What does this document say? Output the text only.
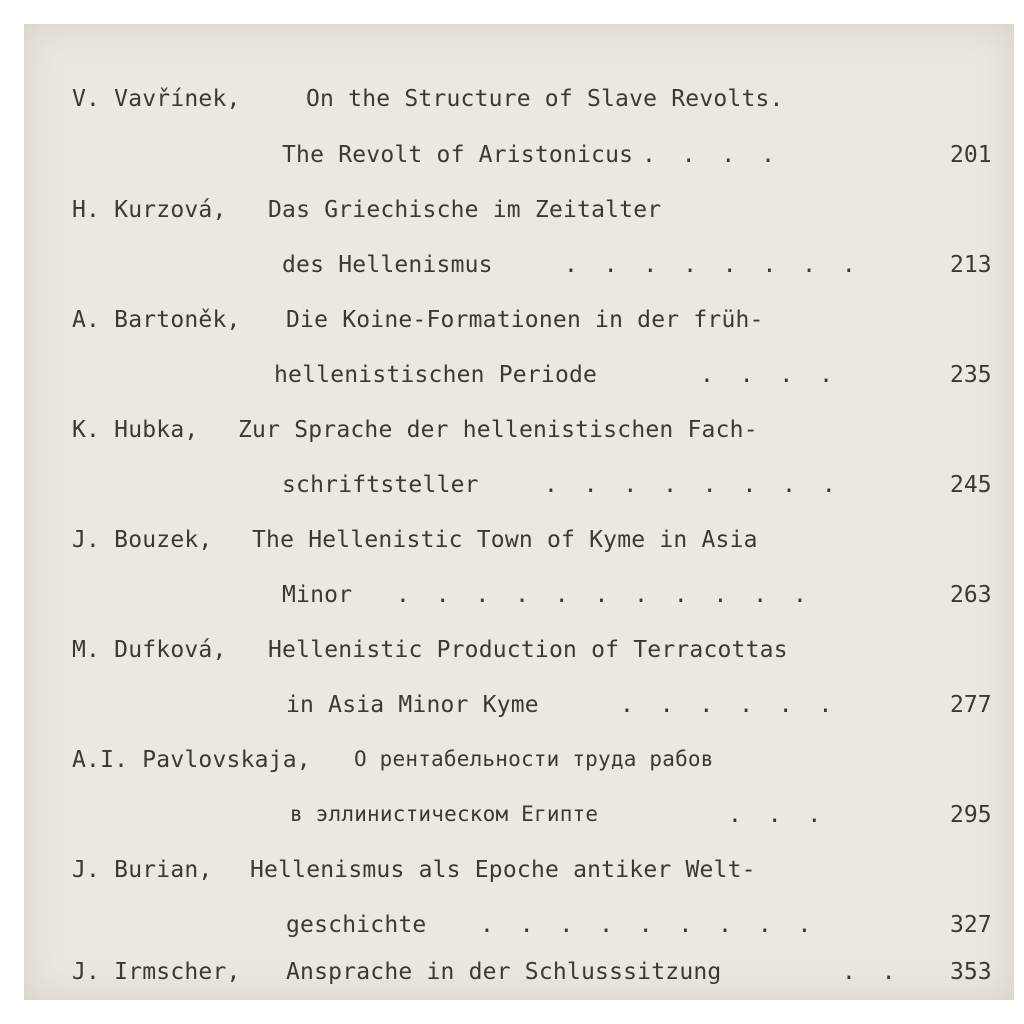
V. Vavřínek,	On the Structure of Slave Revolts.
The Revolt of Aristonicus . . . .	201
H. Kurzová, Das Griechische im Zeitalter
des Hellenismus	. . . . . . . .	213
A. Bartoněk, Die Koine-Formationen in der früh-
hellenistischen Periode	. . . .	235
K. Hubka, Zur Sprache der hellenistischen Fach-
schriftsteller	. . . . . . . .	245
J. Bouzek, The Hellenistic Town of Kyme in Asia
Minor . . . . . . . . . . .	263
M. Dufková, Hellenistic Production of Terracottas
in Asia Minor Kyme	. . . . . .	277
A.I. Pavlovskaja, О рентабельности труда рабов
в эллинистическом Египте	. . .	295
J. Burian, Hellenismus als Epoche antiker Welt-
geschichte . . . . . . . . .	327
J. Irmscher, Ansprache in der Schlusssitzung	. . 353
